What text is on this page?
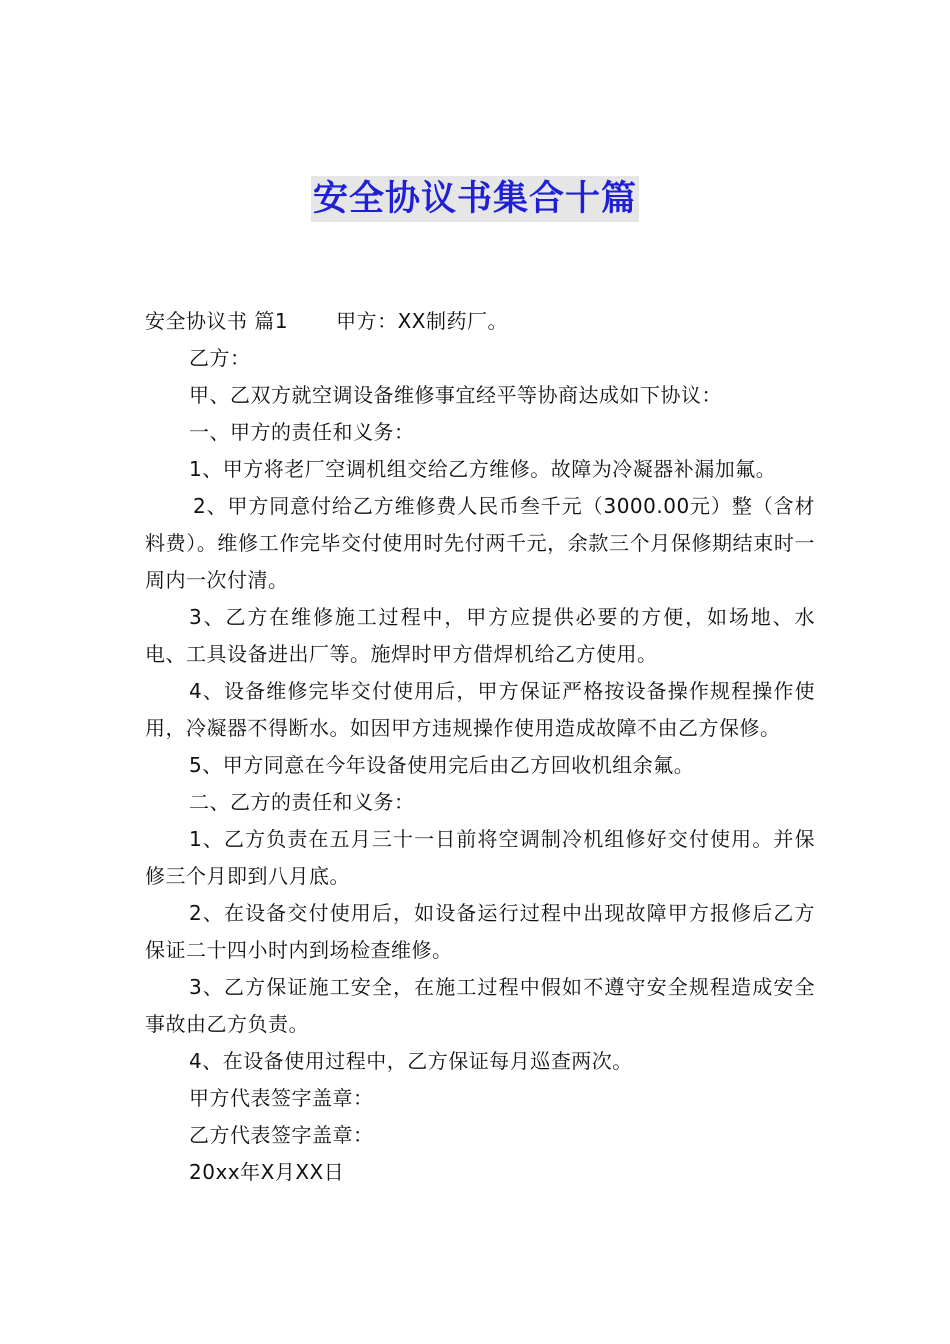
安全协议书集合十篇

安全协议书 篇1 甲方：XX制药厂。

乙方：

甲、乙双方就空调设备维修事宜经平等协商达成如下协议：

一、甲方的责任和义务：

1、甲方将老厂空调机组交给乙方维修。故障为冷凝器补漏加氟。

2、甲方同意付给乙方维修费人民币叁千元（3000.00元）整（含材料费）。维修工作完毕交付使用时先付两千元，余款三个月保修期结束时一周内一次付清。

3、乙方在维修施工过程中，甲方应提供必要的方便，如场地、水电、工具设备进出厂等。施焊时甲方借焊机给乙方使用。

4、设备维修完毕交付使用后，甲方保证严格按设备操作规程操作使用，冷凝器不得断水。如因甲方违规操作使用造成故障不由乙方保修。

5、甲方同意在今年设备使用完后由乙方回收机组余氟。

二、乙方的责任和义务：

1、乙方负责在五月三十一日前将空调制冷机组修好交付使用。并保修三个月即到八月底。

2、在设备交付使用后，如设备运行过程中出现故障甲方报修后乙方保证二十四小时内到场检查维修。

3、乙方保证施工安全，在施工过程中假如不遵守安全规程造成安全事故由乙方负责。

4、在设备使用过程中，乙方保证每月巡查两次。

甲方代表签字盖章：

乙方代表签字盖章：

20xx年X月XX日
